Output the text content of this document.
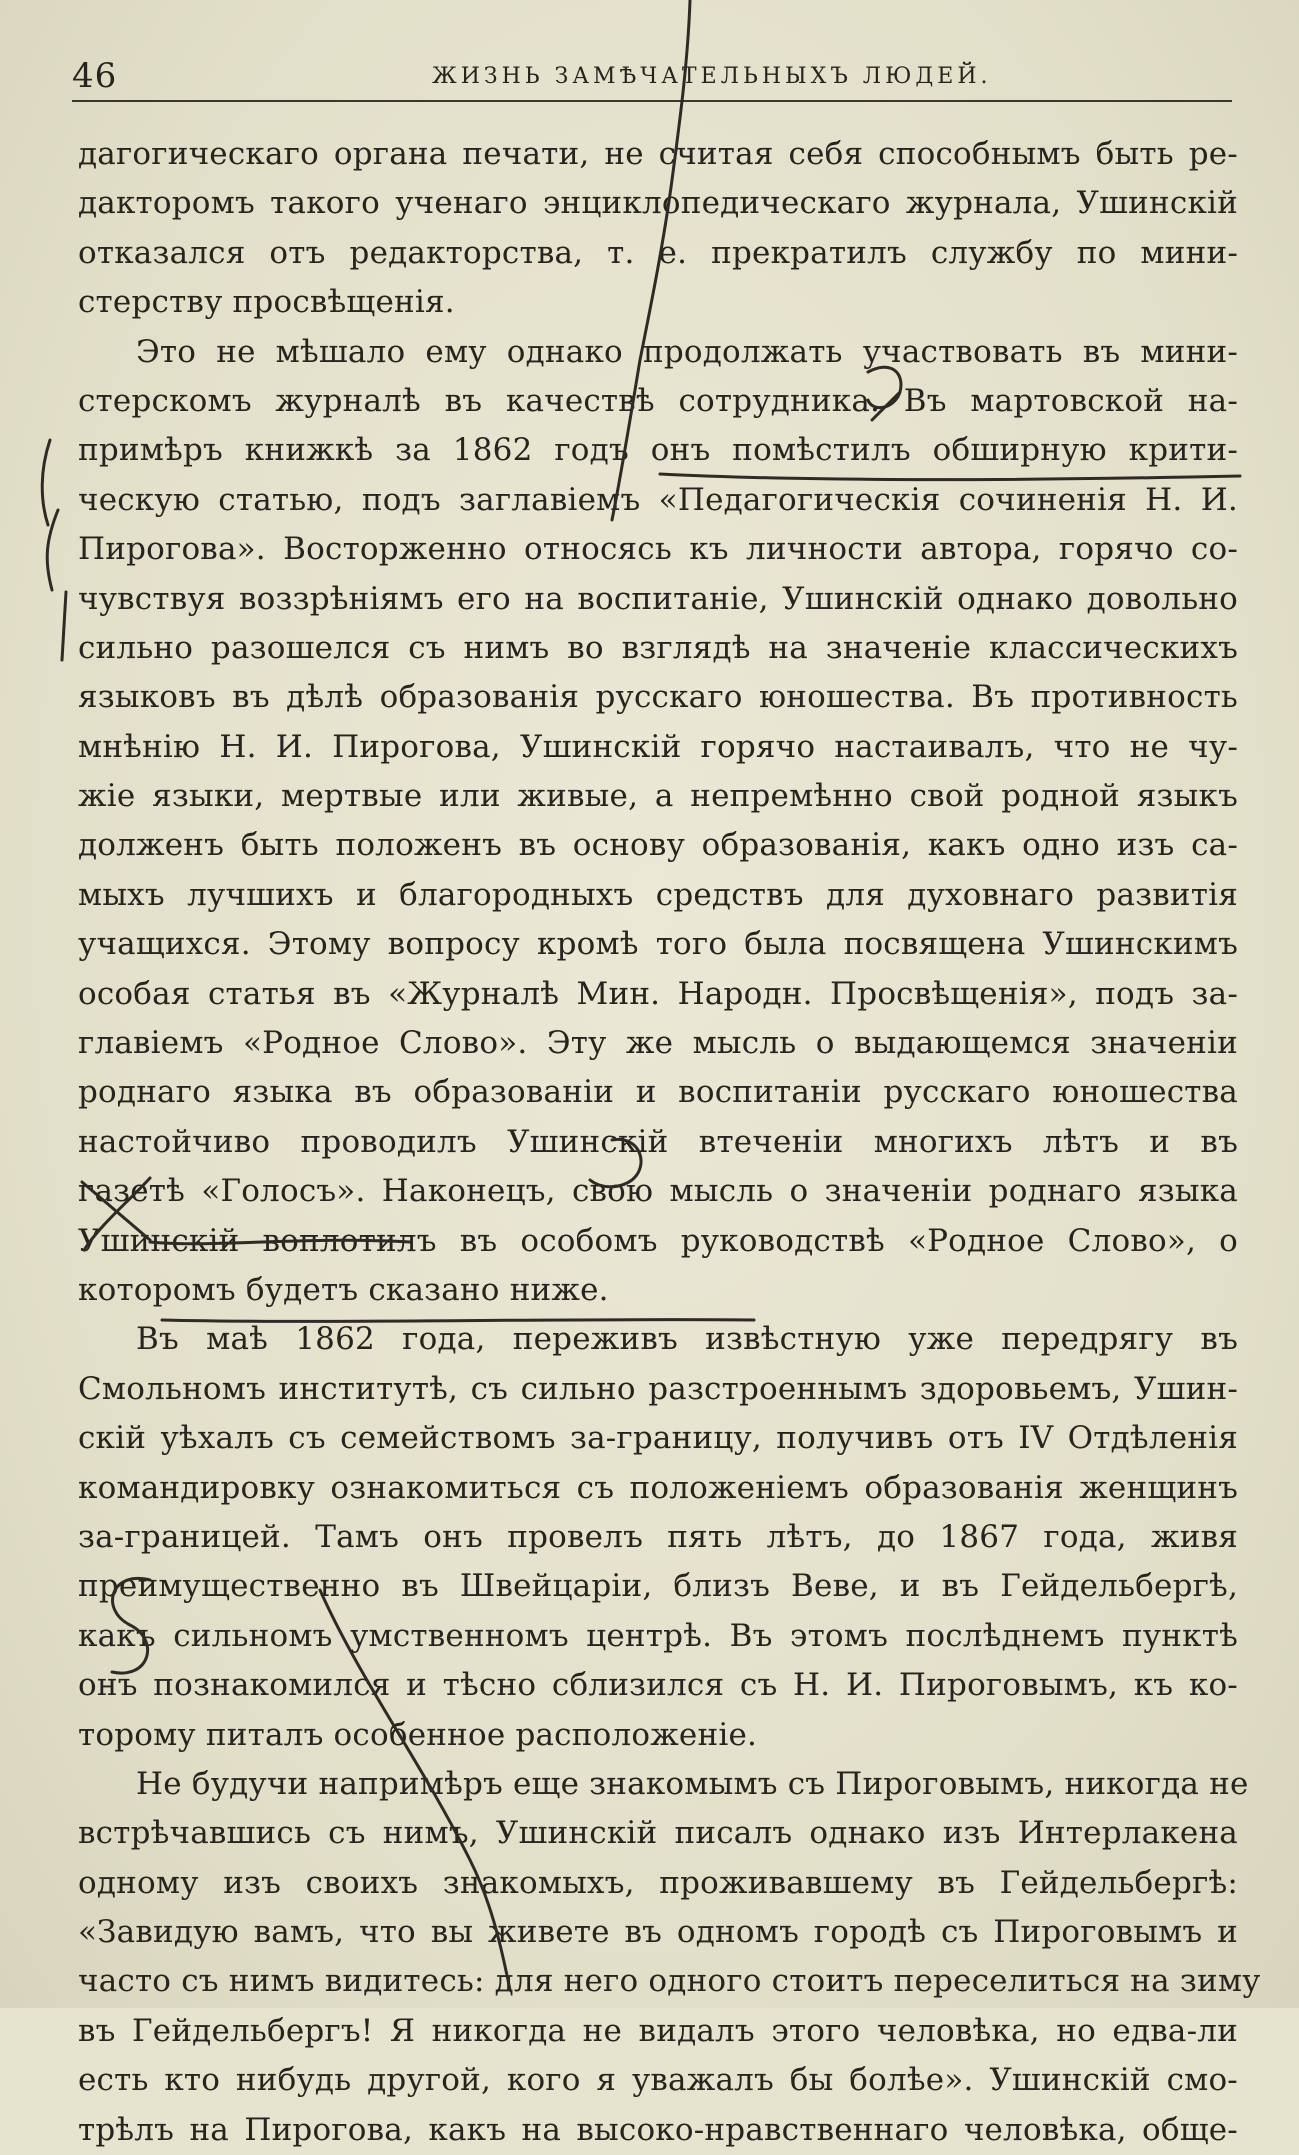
46	ЖИЗНЬ ЗАМѢЧАТЕЛЬНЫХЪ ЛЮДЕЙ.
дагогическаго органа печати, не считая себя способнымъ быть ре-
дакторомъ такого ученаго энциклопедическаго журнала, Ушинскій
отказался отъ редакторства, т. е. прекратилъ службу по мини-
стерству просвѣщенія.
Это не мѣшало ему однако продолжать участвовать въ мини-
стерскомъ журналѣ въ качествѣ сотрудника. Въ мартовской на-
примѣръ книжкѣ за 1862 годъ онъ помѣстилъ обширную крити-
ческую статью, подъ заглавіемъ «Педагогическія сочиненія Н. И.
Пирогова». Восторженно относясь къ личности автора, горячо со-
чувствуя воззрѣніямъ его на воспитаніе, Ушинскій однако довольно
сильно разошелся съ нимъ во взглядѣ на значеніе классическихъ
языковъ въ дѣлѣ образованія русскаго юношества. Въ противность
мнѣнію Н. И. Пирогова, Ушинскій горячо настаивалъ, что не чу-
жіе языки, мертвые или живые, а непремѣнно свой родной языкъ
долженъ быть положенъ въ основу образованія, какъ одно изъ са-
мыхъ лучшихъ и благородныхъ средствъ для духовнаго развитія
учащихся. Этому вопросу кромѣ того была посвящена Ушинскимъ
особая статья въ «Журналѣ Мин. Народн. Просвѣщенія», подъ за-
главіемъ «Родное Слово». Эту же мысль о выдающемся значеніи
роднаго языка въ образованіи и воспитаніи русскаго юношества
настойчиво проводилъ Ушинскій втеченіи многихъ лѣтъ и въ
газетѣ «Голосъ». Наконецъ, свою мысль о значеніи роднаго языка
Ушинскій воплотилъ въ особомъ руководствѣ «Родное Слово», о
которомъ будетъ сказано ниже.
Въ маѣ 1862 года, переживъ извѣстную уже передрягу въ
Смольномъ институтѣ, съ сильно разстроеннымъ здоровьемъ, Ушин-
скій уѣхалъ съ семействомъ за-границу, получивъ отъ IV Отдѣленія
командировку ознакомиться съ положеніемъ образованія женщинъ
за-границей. Тамъ онъ провелъ пять лѣтъ, до 1867 года, живя
преимущественно въ Швейцаріи, близъ Веве, и въ Гейдельбергѣ,
какъ сильномъ умственномъ центрѣ. Въ этомъ послѣднемъ пунктѣ
онъ познакомился и тѣсно сблизился съ Н. И. Пироговымъ, къ ко-
торому питалъ особенное расположеніе.
Не будучи напримѣръ еще знакомымъ съ Пироговымъ, никогда не
встрѣчавшись съ нимъ, Ушинскій писалъ однако изъ Интерлакена
одному изъ своихъ знакомыхъ, проживавшему въ Гейдельбергѣ:
«Завидую вамъ, что вы живете въ одномъ городѣ съ Пироговымъ и
часто съ нимъ видитесь: для него одного стоитъ переселиться на зиму
въ Гейдельбергъ! Я никогда не видалъ этого человѣка, но едва-ли
есть кто нибудь другой, кого я уважалъ бы болѣе». Ушинскій смо-
трѣлъ на Пирогова, какъ на высоко-нравственнаго человѣка, обще-
